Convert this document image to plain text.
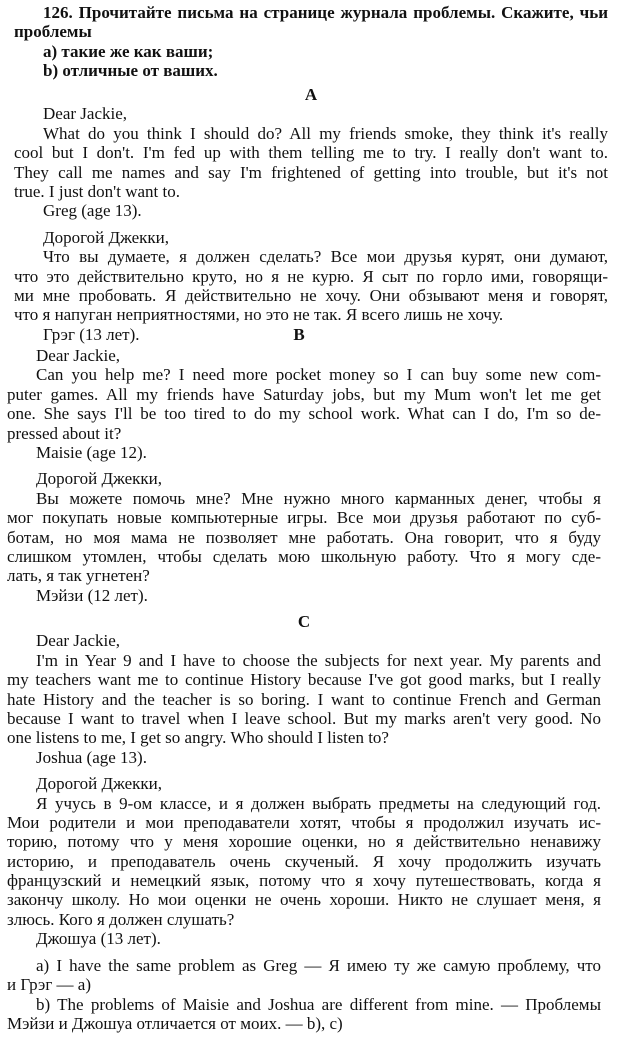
126. Прочитайте письма на странице журнала проблемы. Скажите, чьи
проблемы
а) такие же как ваши;
b) отличные от ваших.
A
Dear Jackie,
What do you think I should do? All my friends smoke, they think it's really
cool but I don't. I'm fed up with them telling me to try. I really don't want to.
They call me names and say I'm frightened of getting into trouble, but it's not
true. I just don't want to.
Greg (age 13).
Дорогой Джекки,
Что вы думаете, я должен сделать? Все мои друзья курят, они думают,
что это действительно круто, но я не курю. Я сыт по горло ими, говорящи-
ми мне пробовать. Я действительно не хочу. Они обзывают меня и говорят,
что я напуган неприятностями, но это не так. Я всего лишь не хочу.
Грэг (13 лет).	B
Dear Jackie,
Can you help me? I need more pocket money so I can buy some new com-
puter games. All my friends have Saturday jobs, but my Mum won't let me get
one. She says I'll be too tired to do my school work. What can I do, I'm so de-
pressed about it?
Maisie (age 12).
Дорогой Джекки,
Вы можете помочь мне? Мне нужно много карманных денег, чтобы я
мог покупать новые компьютерные игры. Все мои друзья работают по суб-
ботам, но моя мама не позволяет мне работать. Она говорит, что я буду
слишком утомлен, чтобы сделать мою школьную работу. Что я могу сде-
лать, я так угнетен?
Мэйзи (12 лет).
C
Dear Jackie,
I'm in Year 9 and I have to choose the subjects for next year. My parents and
my teachers want me to continue History because I've got good marks, but I really
hate History and the teacher is so boring. I want to continue French and German
because I want to travel when I leave school. But my marks aren't very good. No
one listens to me, I get so angry. Who should I listen to?
Joshua (age 13).
Дорогой Джекки,
Я учусь в 9-ом классе, и я должен выбрать предметы на следующий год.
Мои родители и мои преподаватели хотят, чтобы я продолжил изучать ис-
торию, потому что у меня хорошие оценки, но я действительно ненавижу
историю, и преподаватель очень скученый. Я хочу продолжить изучать
французский и немецкий язык, потому что я хочу путешествовать, когда я
закончу школу. Но мои оценки не очень хороши. Никто не слушает меня, я
злюсь. Кого я должен слушать?
Джошуа (13 лет).
a) I have the same problem as Greg — Я имею ту же самую проблему, что
и Грэг — а)
b) The problems of Maisie and Joshua are different from mine. — Проблемы
Мэйзи и Джошуа отличается от моих. — b), c)
